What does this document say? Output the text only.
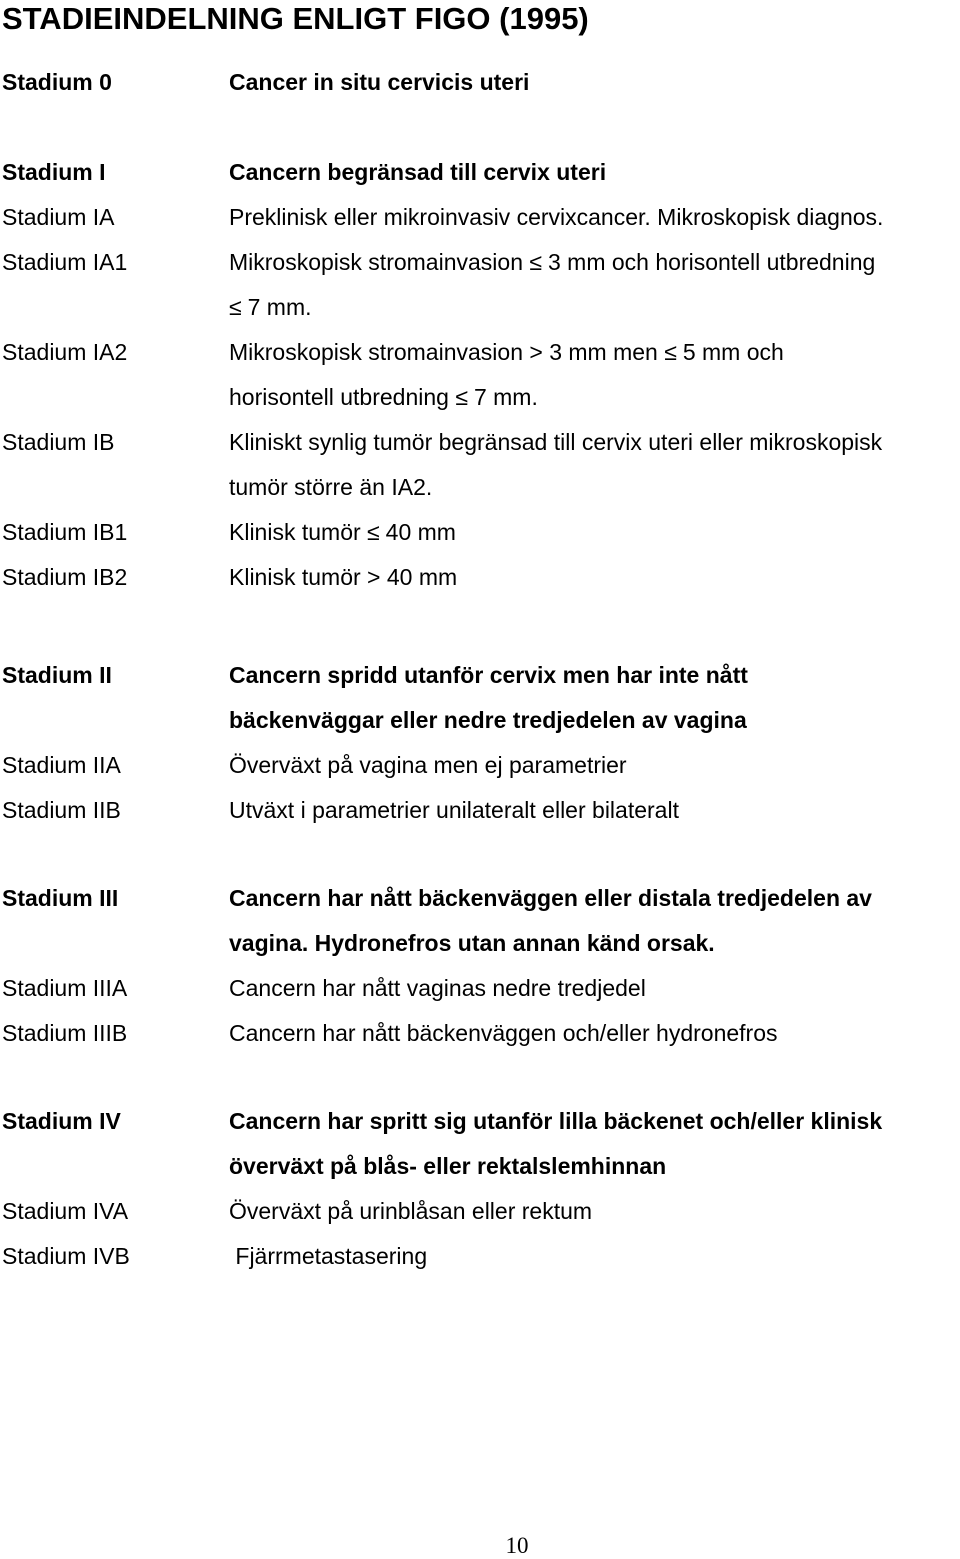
STADIEINDELNING ENLIGT FIGO (1995)
Stadium 0	Cancer in situ cervicis uteri
Stadium I	Cancern begränsad till cervix uteri
Stadium IA	Preklinisk eller mikroinvasiv cervixcancer. Mikroskopisk diagnos.
Stadium IA1	Mikroskopisk stromainvasion ≤ 3 mm och horisontell utbredning
≤ 7 mm.
Stadium IA2	Mikroskopisk stromainvasion > 3 mm men ≤ 5 mm och
horisontell utbredning ≤ 7 mm.
Stadium IB	Kliniskt synlig tumör begränsad till cervix uteri eller mikroskopisk
tumör större än IA2.
Stadium IB1	Klinisk tumör ≤ 40 mm
Stadium IB2	Klinisk tumör > 40 mm
Stadium II	Cancern spridd utanför cervix men har inte nått
bäckenväggar eller nedre tredjedelen av vagina
Stadium IIA	Överväxt på vagina men ej parametrier
Stadium IIB	Utväxt i parametrier unilateralt eller bilateralt
Stadium III	Cancern har nått bäckenväggen eller distala tredjedelen av
vagina. Hydronefros utan annan känd orsak.
Stadium IIIA	Cancern har nått vaginas nedre tredjedel
Stadium IIIB	Cancern har nått bäckenväggen och/eller hydronefros
Stadium IV	Cancern har spritt sig utanför lilla bäckenet och/eller klinisk
överväxt på blås- eller rektalslemhinnan
Stadium IVA	Överväxt på urinblåsan eller rektum
Stadium IVB	Fjärrmetastasering
10
